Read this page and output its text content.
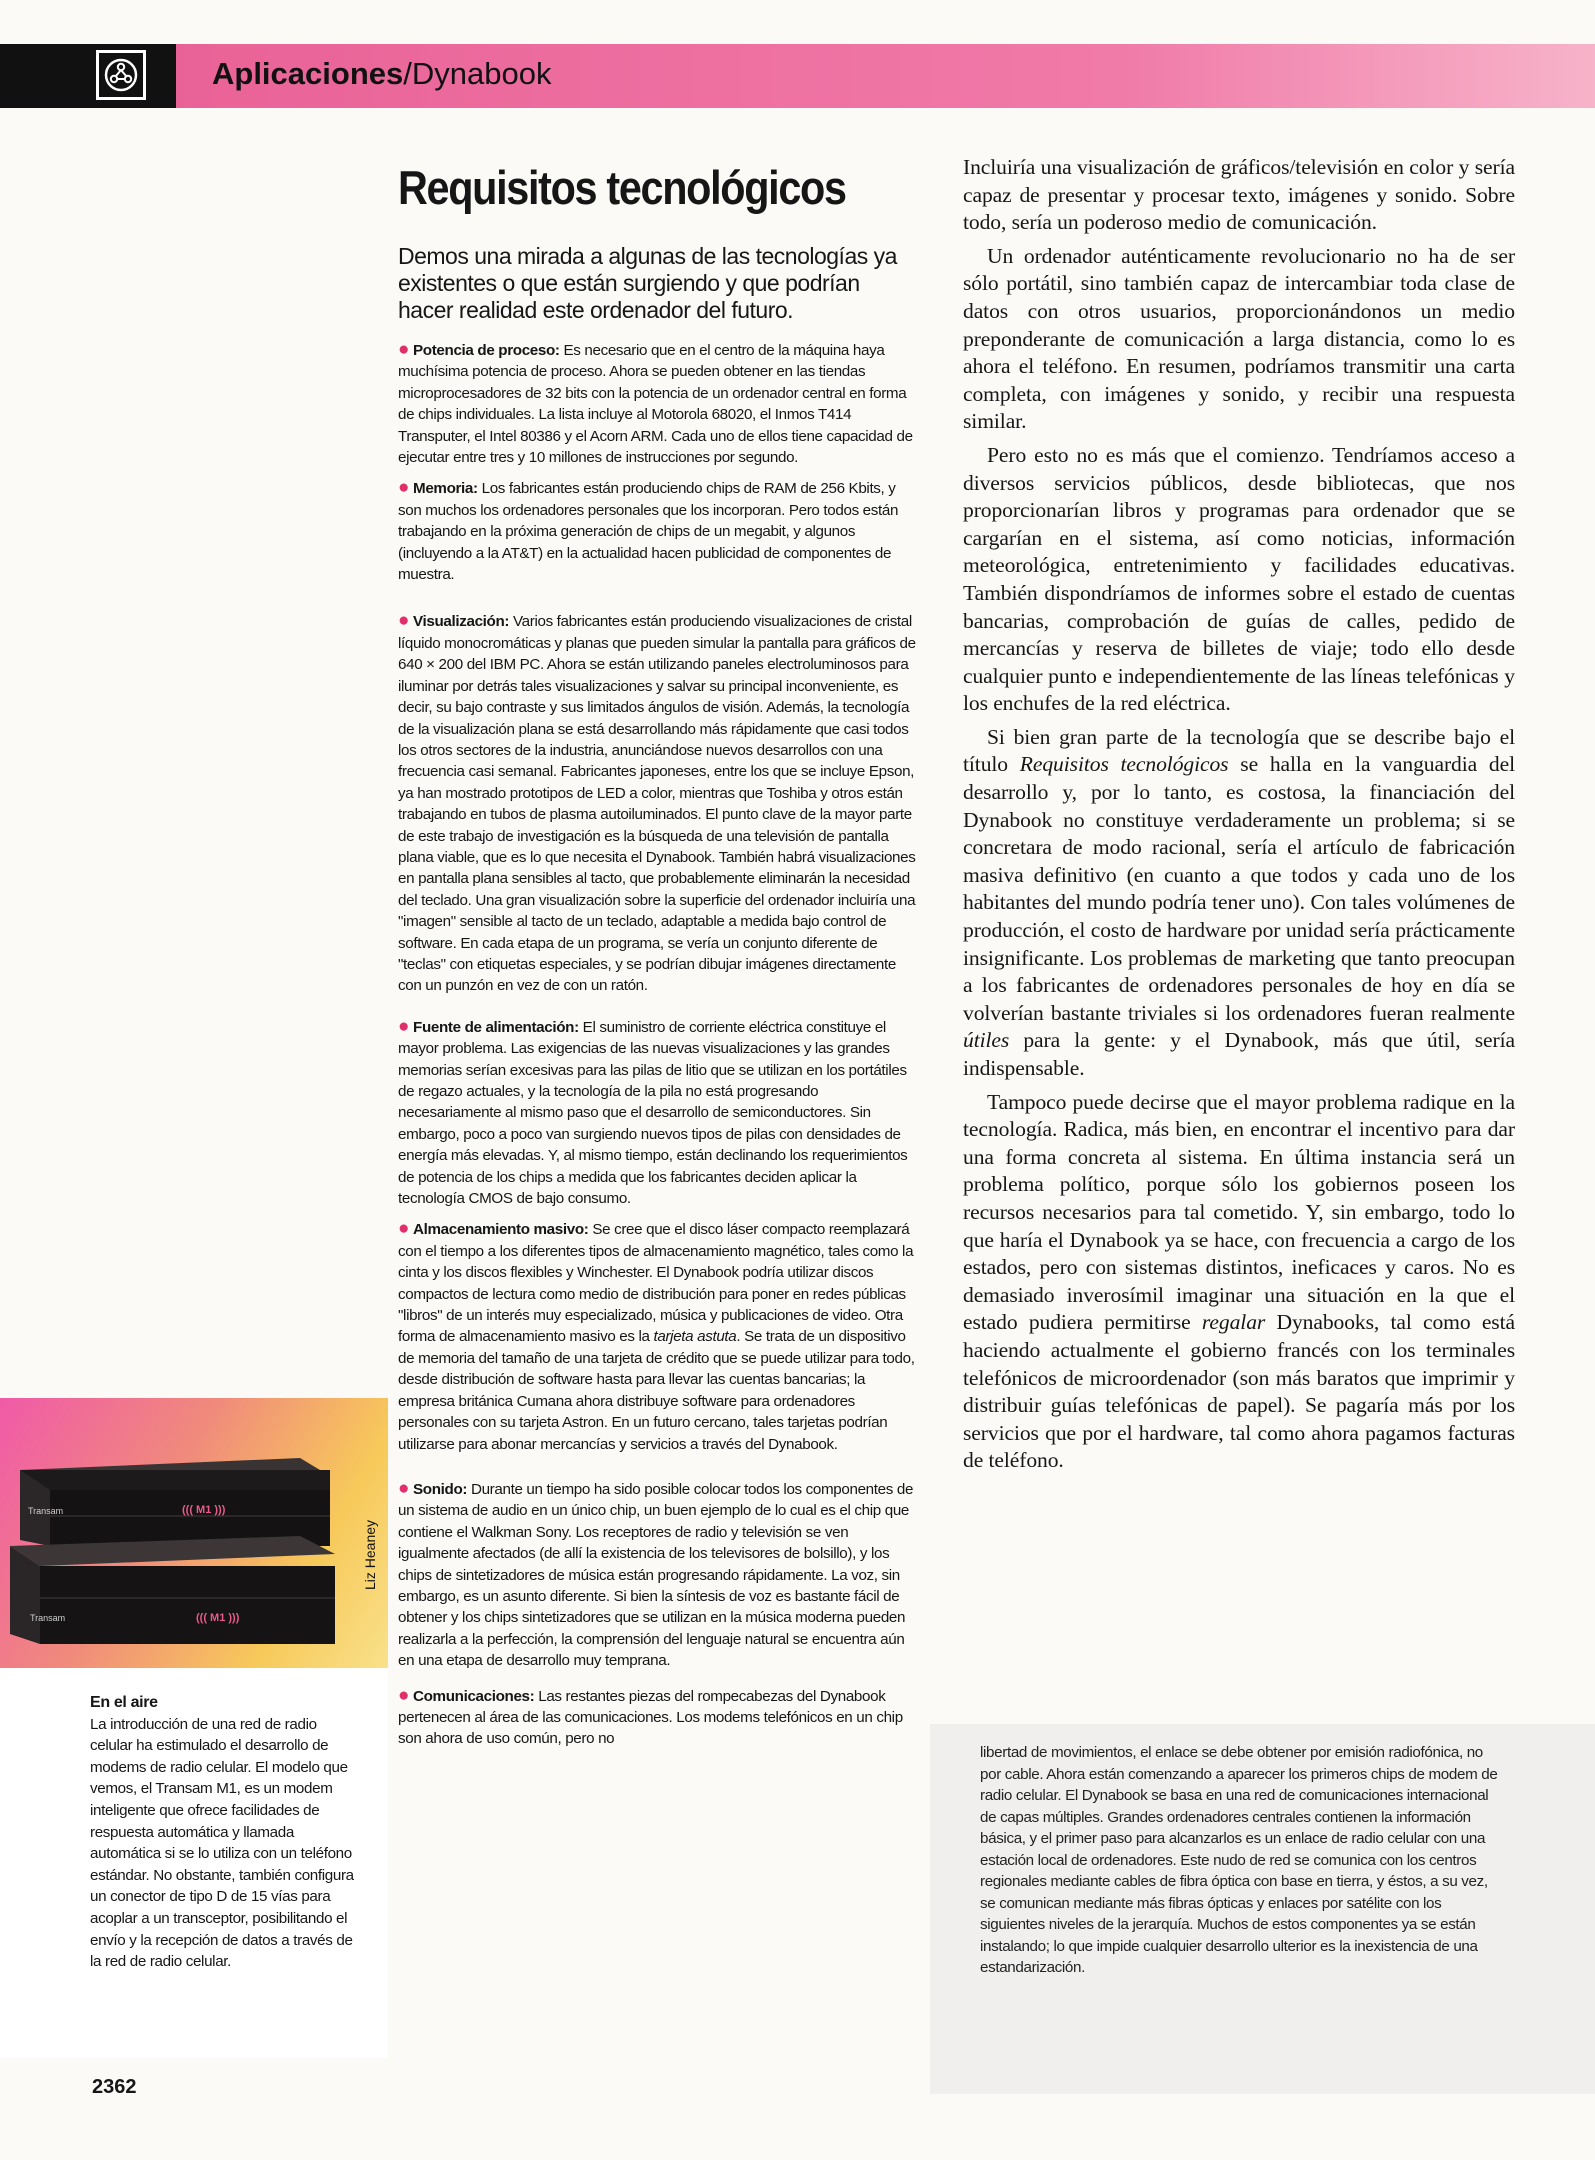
Aplicaciones/Dynabook
Requisitos tecnológicos

Demos una mirada a algunas de las tecnologías ya existentes o que están surgiendo y que podrían hacer realidad este ordenador del futuro.

● Potencia de proceso: Es necesario que en el centro de la máquina haya muchísima potencia de proceso. Ahora se pueden obtener en las tiendas microprocesadores de 32 bits con la potencia de un ordenador central en forma de chips individuales. La lista incluye al Motorola 68020, el Inmos T414 Transputer, el Intel 80386 y el Acorn ARM. Cada uno de ellos tiene capacidad de ejecutar entre tres y 10 millones de instrucciones por segundo.

● Memoria: Los fabricantes están produciendo chips de RAM de 256 Kbits, y son muchos los ordenadores personales que los incorporan. Pero todos están trabajando en la próxima generación de chips de un megabit, y algunos (incluyendo a la AT&T) en la actualidad hacen publicidad de componentes de muestra.

● Visualización: Varios fabricantes están produciendo visualizaciones de cristal líquido monocromáticas y planas que pueden simular la pantalla para gráficos de 640 × 200 del IBM PC. Ahora se están utilizando paneles electroluminosos para iluminar por detrás tales visualizaciones y salvar su principal inconveniente, es decir, su bajo contraste y sus limitados ángulos de visión. Además, la tecnología de la visualización plana se está desarrollando más rápidamente que casi todos los otros sectores de la industria, anunciándose nuevos desarrollos con una frecuencia casi semanal. Fabricantes japoneses, entre los que se incluye Epson, ya han mostrado prototipos de LED a color, mientras que Toshiba y otros están trabajando en tubos de plasma autoiluminados. El punto clave de la mayor parte de este trabajo de investigación es la búsqueda de una televisión de pantalla plana viable, que es lo que necesita el Dynabook. También habrá visualizaciones en pantalla plana sensibles al tacto, que probablemente eliminarán la necesidad del teclado. Una gran visualización sobre la superficie del ordenador incluiría una "imagen" sensible al tacto de un teclado, adaptable a medida bajo control de software. En cada etapa de un programa, se vería un conjunto diferente de "teclas" con etiquetas especiales, y se podrían dibujar imágenes directamente con un punzón en vez de con un ratón.

● Fuente de alimentación: El suministro de corriente eléctrica constituye el mayor problema. Las exigencias de las nuevas visualizaciones y las grandes memorias serían excesivas para las pilas de litio que se utilizan en los portátiles de regazo actuales, y la tecnología de la pila no está progresando necesariamente al mismo paso que el desarrollo de semiconductores. Sin embargo, poco a poco van surgiendo nuevos tipos de pilas con densidades de energía más elevadas. Y, al mismo tiempo, están declinando los requerimientos de potencia de los chips a medida que los fabricantes deciden aplicar la tecnología CMOS de bajo consumo.

● Almacenamiento masivo: Se cree que el disco láser compacto reemplazará con el tiempo a los diferentes tipos de almacenamiento magnético, tales como la cinta y los discos flexibles y Winchester. El Dynabook podría utilizar discos compactos de lectura como medio de distribución para poner en redes públicas "libros" de un interés muy especializado, música y publicaciones de video. Otra forma de almacenamiento masivo es la tarjeta astuta. Se trata de un dispositivo de memoria del tamaño de una tarjeta de crédito que se puede utilizar para todo, desde distribución de software hasta para llevar las cuentas bancarias; la empresa británica Cumana ahora distribuye software para ordenadores personales con su tarjeta Astron. En un futuro cercano, tales tarjetas podrían utilizarse para abonar mercancías y servicios a través del Dynabook.

● Sonido: Durante un tiempo ha sido posible colocar todos los componentes de un sistema de audio en un único chip, un buen ejemplo de lo cual es el chip que contiene el Walkman Sony. Los receptores de radio y televisión se ven igualmente afectados (de allí la existencia de los televisores de bolsillo), y los chips de sintetizadores de música están progresando rápidamente. La voz, sin embargo, es un asunto diferente. Si bien la síntesis de voz es bastante fácil de obtener y los chips sintetizadores que se utilizan en la música moderna pueden realizarla a la perfección, la comprensión del lenguaje natural se encuentra aún en una etapa de desarrollo muy temprana.

● Comunicaciones: Las restantes piezas del rompecabezas del Dynabook pertenecen al área de las comunicaciones. Los modems telefónicos en un chip son ahora de uso común, pero no

Incluiría una visualización de gráficos/televisión en color y sería capaz de presentar y procesar texto, imágenes y sonido. Sobre todo, sería un poderoso medio de comunicación.

Un ordenador auténticamente revolucionario no ha de ser sólo portátil, sino también capaz de intercambiar toda clase de datos con otros usuarios, proporcionándonos un medio preponderante de comunicación a larga distancia, como lo es ahora el teléfono. En resumen, podríamos transmitir una carta completa, con imágenes y sonido, y recibir una respuesta similar.

Pero esto no es más que el comienzo. Tendríamos acceso a diversos servicios públicos, desde bibliotecas, que nos proporcionarían libros y programas para ordenador que se cargarían en el sistema, así como noticias, información meteorológica, entretenimiento y facilidades educativas. También dispondríamos de informes sobre el estado de cuentas bancarias, comprobación de guías de calles, pedido de mercancías y reserva de billetes de viaje; todo ello desde cualquier punto e independientemente de las líneas telefónicas y los enchufes de la red eléctrica.

Si bien gran parte de la tecnología que se describe bajo el título Requisitos tecnológicos se halla en la vanguardia del desarrollo y, por lo tanto, es costosa, la financiación del Dynabook no constituye verdaderamente un problema; si se concretara de modo racional, sería el artículo de fabricación masiva definitivo (en cuanto a que todos y cada uno de los habitantes del mundo podría tener uno). Con tales volúmenes de producción, el costo de hardware por unidad sería prácticamente insignificante. Los problemas de marketing que tanto preocupan a los fabricantes de ordenadores personales de hoy en día se volverían bastante triviales si los ordenadores fueran realmente útiles para la gente: y el Dynabook, más que útil, sería indispensable.

Tampoco puede decirse que el mayor problema radique en la tecnología. Radica, más bien, en encontrar el incentivo para dar una forma concreta al sistema. En última instancia será un problema político, porque sólo los gobiernos poseen los recursos necesarios para tal cometido. Y, sin embargo, todo lo que haría el Dynabook ya se hace, con frecuencia a cargo de los estados, pero con sistemas distintos, ineficaces y caros. No es demasiado inverosímil imaginar una situación en la que el estado pudiera permitirse regalar Dynabooks, tal como está haciendo actualmente el gobierno francés con los terminales telefónicos de microordenador (son más baratos que imprimir y distribuir guías telefónicas de papel). Se pagaría más por los servicios que por el hardware, tal como ahora pagamos facturas de teléfono.

Transam	((( M1 )))
Transam	((( M1 )))
Liz Heaney
En el aire
La introducción de una red de radio celular ha estimulado el desarrollo de modems de radio celular. El modelo que vemos, el Transam M1, es un modem inteligente que ofrece facilidades de respuesta automática y llamada automática si se lo utiliza con un teléfono estándar. No obstante, también configura un conector de tipo D de 15 vías para acoplar a un transceptor, posibilitando el envío y la recepción de datos a través de la red de radio celular.
libertad de movimientos, el enlace se debe obtener por emisión radiofónica, no por cable. Ahora están comenzando a aparecer los primeros chips de modem de radio celular. El Dynabook se basa en una red de comunicaciones internacional de capas múltiples. Grandes ordenadores centrales contienen la información básica, y el primer paso para alcanzarlos es un enlace de radio celular con una estación local de ordenadores. Este nudo de red se comunica con los centros regionales mediante cables de fibra óptica con base en tierra, y éstos, a su vez, se comunican mediante más fibras ópticas y enlaces por satélite con los siguientes niveles de la jerarquía. Muchos de estos componentes ya se están instalando; lo que impide cualquier desarrollo ulterior es la inexistencia de una estandarización.
2362
